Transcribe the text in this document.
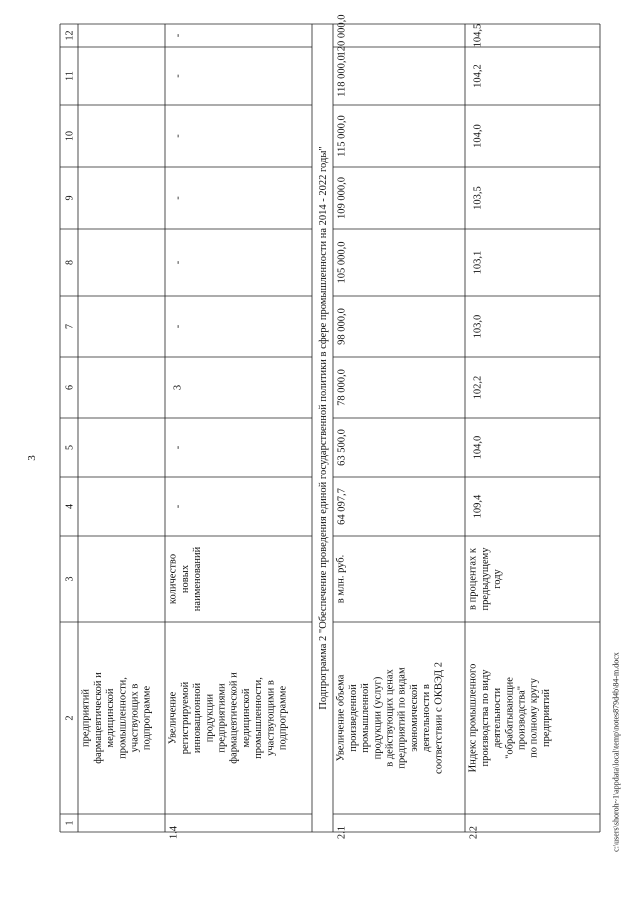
3
c:\users\shoroh~1\appdata\local\temp\notes879d4b\84-m.docx
1
2
3
4
5
6
7
8
9
10
11
12
предприятий фармацевтической и медицинской промышленности, участвующих в подпрограмме
1.4
Увеличение регистрируемой инновационной продукции предприятиями фармацевтической и медицинской промышленности, участвующими в подпрограмме
количество новых наименований
-
-
3
-
-
-
-
-
-
Подпрограмма 2 "Обеспечение проведения единой государственной политики в сфере промышленности на 2014 - 2022 годы"
2.1
Увеличение объема произведенной промышленной продукции (услуг) в действующих ценах предприятий по видам экономической деятельности в соответствии с ОКВЭД 2
в млн. руб.
64 097,7
63 500,0
78 000,0
98 000,0
105 000,0
109 000,0
115 000,0
118 000,0
120 000,0
2.2
Индекс промышленного производства по виду деятельности "обрабатывающие производства" по полному кругу предприятий
в процентах к предыдущему году
109,4
104,0
102,2
103,0
103,1
103,5
104,0
104,2
104,5
